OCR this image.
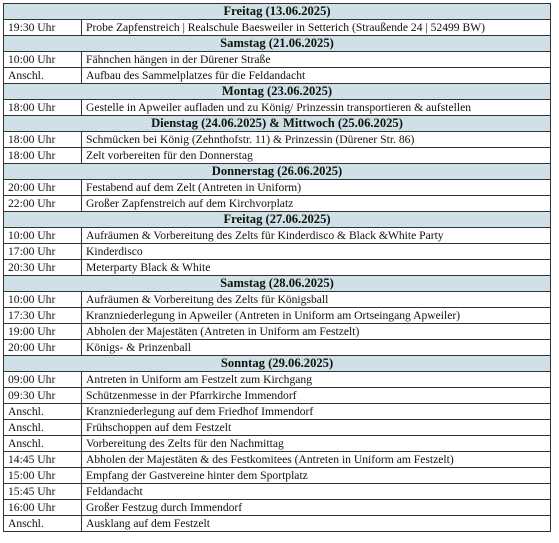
Freitag (13.06.2025)	
19:30 Uhr	Probe Zapfenstreich | Realschule Baesweiler in Setterich (Straußende 24 | 52499 BW)
Samstag (21.06.2025)	
10:00 Uhr	Fähnchen hängen in der Dürener Straße
Anschl.	Aufbau des Sammelplatzes für die Feldandacht
Montag (23.06.2025)	
18:00 Uhr	Gestelle in Apweiler aufladen und zu König/ Prinzessin transportieren & aufstellen
Dienstag (24.06.2025) & Mittwoch (25.06.2025)	
18:00 Uhr	Schmücken bei König (Zehnthofstr. 11) & Prinzessin (Dürener Str. 86)
18:00 Uhr	Zelt vorbereiten für den Donnerstag
Donnerstag (26.06.2025)	
20:00 Uhr	Festabend auf dem Zelt (Antreten in Uniform)
22:00 Uhr	Großer Zapfenstreich auf dem Kirchvorplatz
Freitag (27.06.2025)	
10:00 Uhr	Aufräumen & Vorbereitung des Zelts für Kinderdisco & Black &White Party
17:00 Uhr	Kinderdisco
20:30 Uhr	Meterparty Black & White
Samstag (28.06.2025)	
10:00 Uhr	Aufräumen & Vorbereitung des Zelts für Königsball
17:30 Uhr	Kranzniederlegung in Apweiler (Antreten in Uniform am Ortseingang Apweiler)
19:00 Uhr	Abholen der Majestäten (Antreten in Uniform am Festzelt)
20:00 Uhr	Königs- & Prinzenball
Sonntag (29.06.2025)	
09:00 Uhr	Antreten in Uniform am Festzelt zum Kirchgang
09:30 Uhr	Schützenmesse in der Pfarrkirche Immendorf
Anschl.	Kranzniederlegung auf dem Friedhof Immendorf
Anschl.	Frühschoppen auf dem Festzelt
Anschl.	Vorbereitung des Zelts für den Nachmittag
14:45 Uhr	Abholen der Majestäten & des Festkomitees (Antreten in Uniform am Festzelt)
15:00 Uhr	Empfang der Gastvereine hinter dem Sportplatz
15:45 Uhr	Feldandacht
16:00 Uhr	Großer Festzug durch Immendorf
Anschl.	Ausklang auf dem Festzelt
